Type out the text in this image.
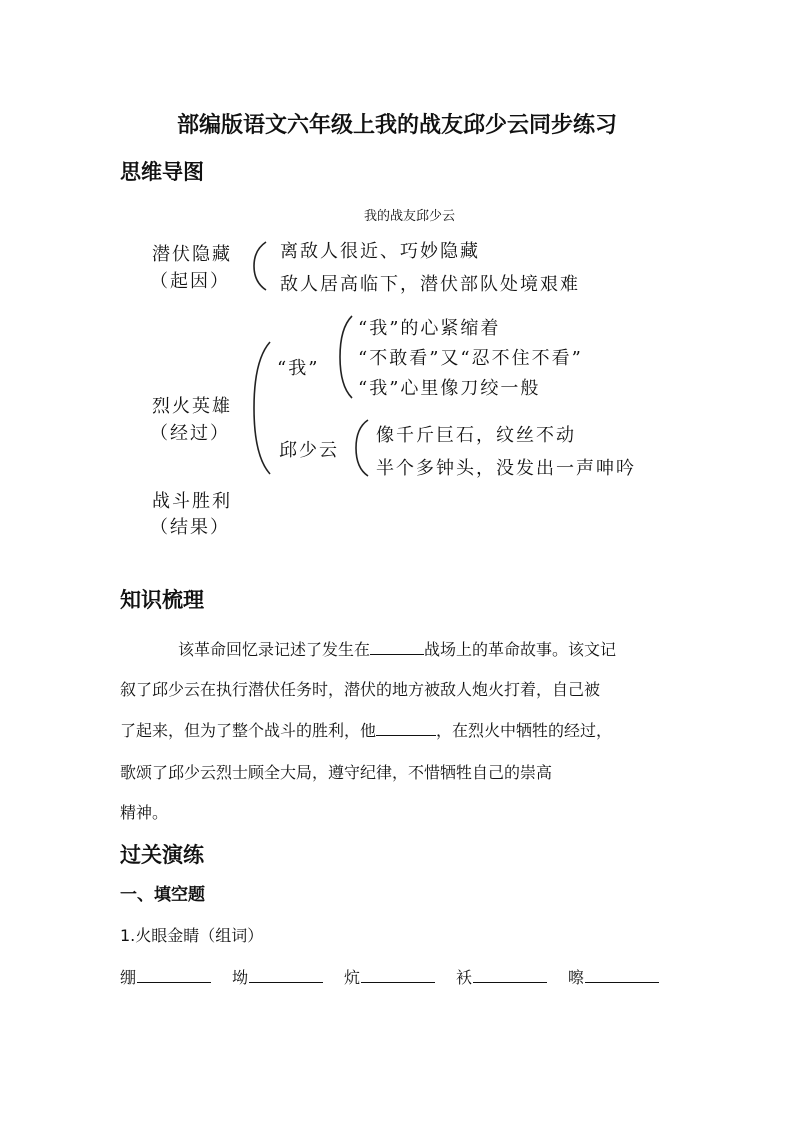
部编版语文六年级上我的战友邱少云同步练习
思维导图
我的战友邱少云
潜伏隐藏
（起因）
离敌人很近、巧妙隐藏
敌人居高临下，潜伏部队处境艰难
烈火英雄
（经过）
“我”
“我”的心紧缩着
“不敢看”又“忍不住不看”
“我”心里像刀绞一般
邱少云
像千斤巨石，纹丝不动
半个多钟头，没发出一声呻吟
战斗胜利
（结果）
知识梳理
该革命回忆录记述了发生在	战场上的革命故事。该文记
叙了邱少云在执行潜伏任务时，潜伏的地方被敌人炮火打着，自己被
了起来，但为了整个战斗的胜利，他	，在烈火中牺牲的经过，
歌颂了邱少云烈士顾全大局，遵守纪律，不惜牺牲自己的崇高
精神。
过关演练
一、填空题
1.火眼金睛（组词）
绷	坳	炕	袄	嚓
